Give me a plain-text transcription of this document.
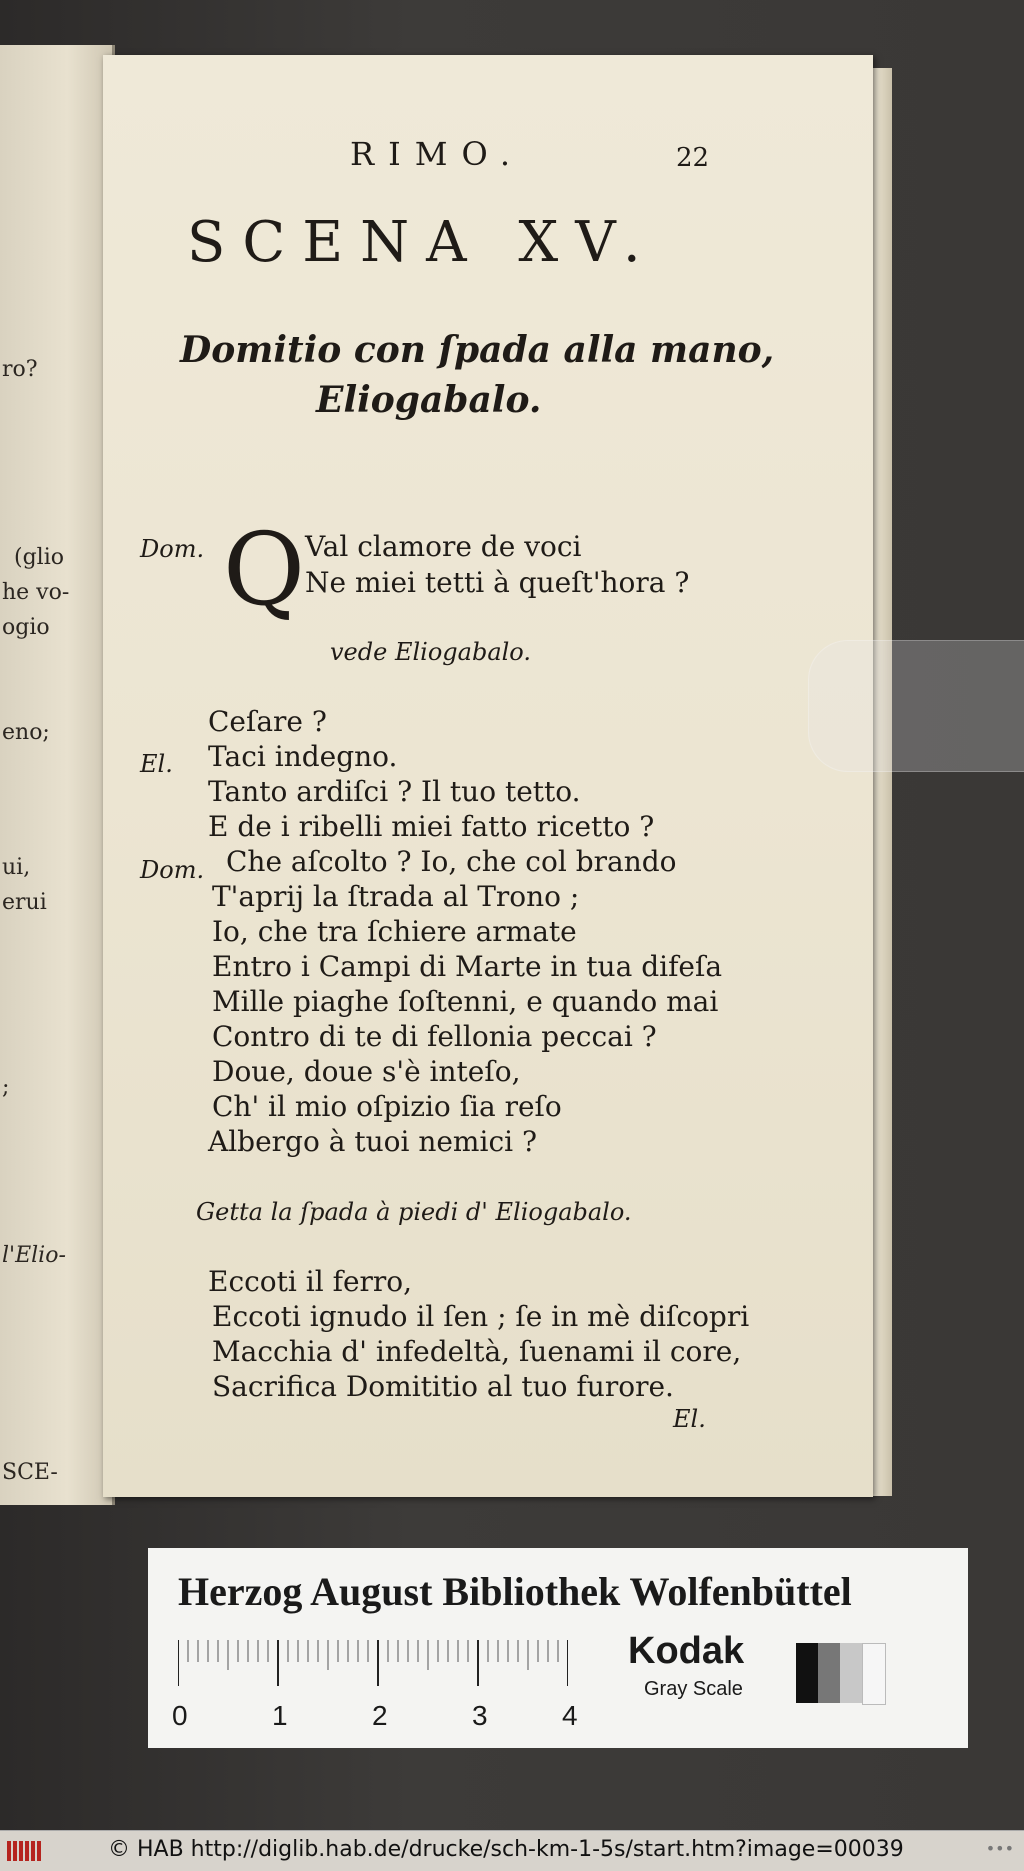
ro?
(glio
he vo-
ogio
eno;
ui,
erui
;
l'Elio-
SCE-
RIMO.	22
SCENA XV.
Domitio con ſpada alla mano,
Eliogabalo.
Dom. Q Val clamore de voci
Ne miei tetti à queſt'hora ?
vede Eliogabalo.
El.
Dom.
Ceſare ?
Taci indegno.
Tanto ardiſci ? Il tuo tetto.
E de i ribelli miei fatto ricetto ?
Che aſcolto ? Io, che col brando
T'aprij la ſtrada al Trono ;
Io, che tra ſchiere armate
Entro i Campi di Marte in tua difeſa
Mille piaghe ſoſtenni, e quando mai
Contro di te di fellonia peccai ?
Doue, doue s'è inteſo,
Ch' il mio oſpizio ſia reſo
Albergo à tuoi nemici ?
Getta la ſpada à piedi d' Eliogabalo.
Eccoti il ferro,
Eccoti ignudo il ſen ; ſe in mè diſcopri
Macchia d' infedeltà, ſuenami il core,
Sacrifica Domititio al tuo furore.
El.
Herzog August Bibliothek Wolfenbüttel
0	1	2	3	4
Kodak
Gray Scale
© HAB http://diglib.hab.de/drucke/sch-km-1-5s/start.htm?image=00039	•••
